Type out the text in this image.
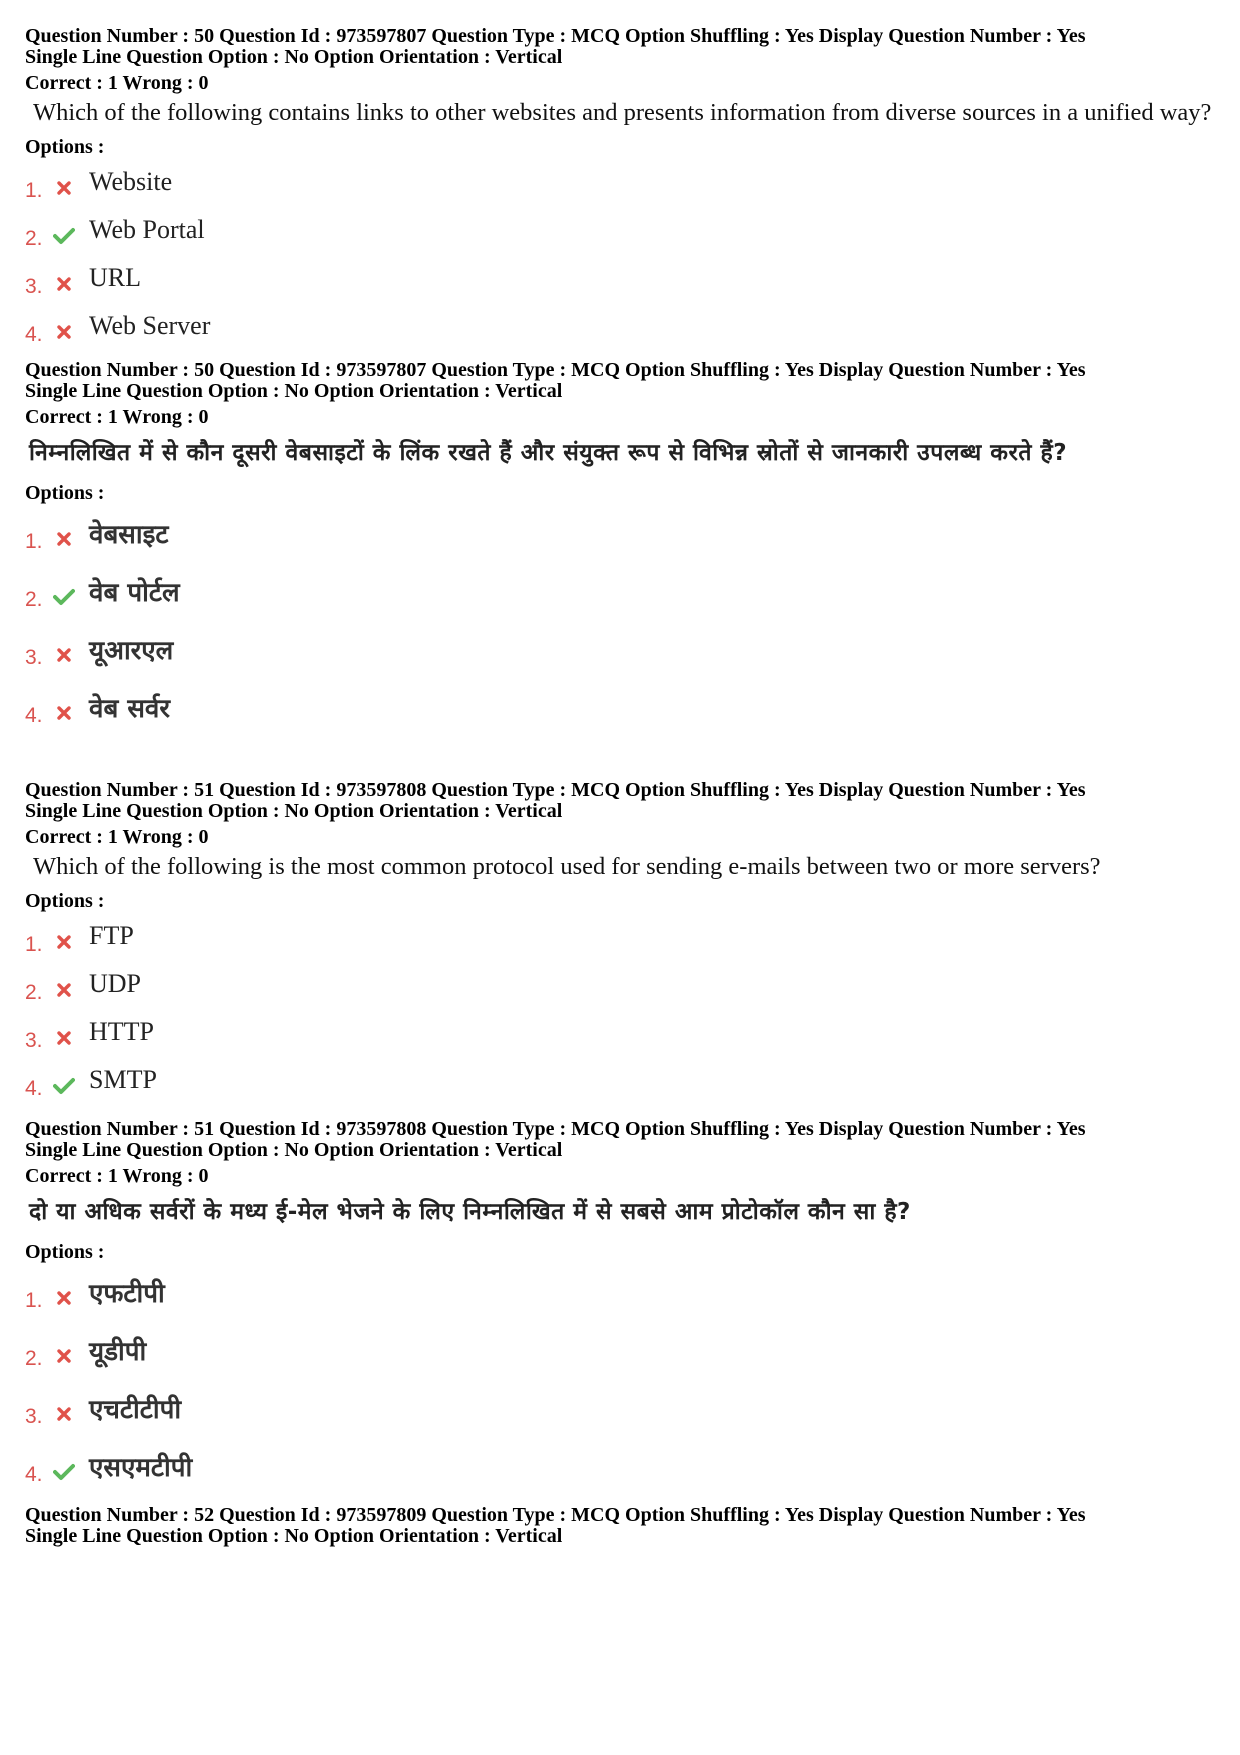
Question Number : 50 Question Id : 973597807 Question Type : MCQ Option Shuffling : Yes Display Question Number : Yes
Single Line Question Option : No Option Orientation : Vertical
Correct : 1 Wrong : 0
Which of the following contains links to other websites and presents information from diverse sources in a unified way?
Options :
1. Website
2. Web Portal
3. URL
4. Web Server
Question Number : 50 Question Id : 973597807 Question Type : MCQ Option Shuffling : Yes Display Question Number : Yes
Single Line Question Option : No Option Orientation : Vertical
Correct : 1 Wrong : 0
निम्नलिखित में से कौन दूसरी वेबसाइटों के लिंक रखते हैं और संयुक्त रूप से विभिन्न स्रोतों से जानकारी उपलब्ध करते हैं?
Options :
1. वेबसाइट
2. वेब पोर्टल
3. यूआरएल
4. वेब सर्वर
Question Number : 51 Question Id : 973597808 Question Type : MCQ Option Shuffling : Yes Display Question Number : Yes
Single Line Question Option : No Option Orientation : Vertical
Correct : 1 Wrong : 0
Which of the following is the most common protocol used for sending e-mails between two or more servers?
Options :
1. FTP
2. UDP
3. HTTP
4. SMTP
Question Number : 51 Question Id : 973597808 Question Type : MCQ Option Shuffling : Yes Display Question Number : Yes
Single Line Question Option : No Option Orientation : Vertical
Correct : 1 Wrong : 0
दो या अधिक सर्वरों के मध्य ई-मेल भेजने के लिए निम्नलिखित में से सबसे आम प्रोटोकॉल कौन सा है?
Options :
1. एफटीपी
2. यूडीपी
3. एचटीटीपी
4. एसएमटीपी
Question Number : 52 Question Id : 973597809 Question Type : MCQ Option Shuffling : Yes Display Question Number : Yes
Single Line Question Option : No Option Orientation : Vertical
